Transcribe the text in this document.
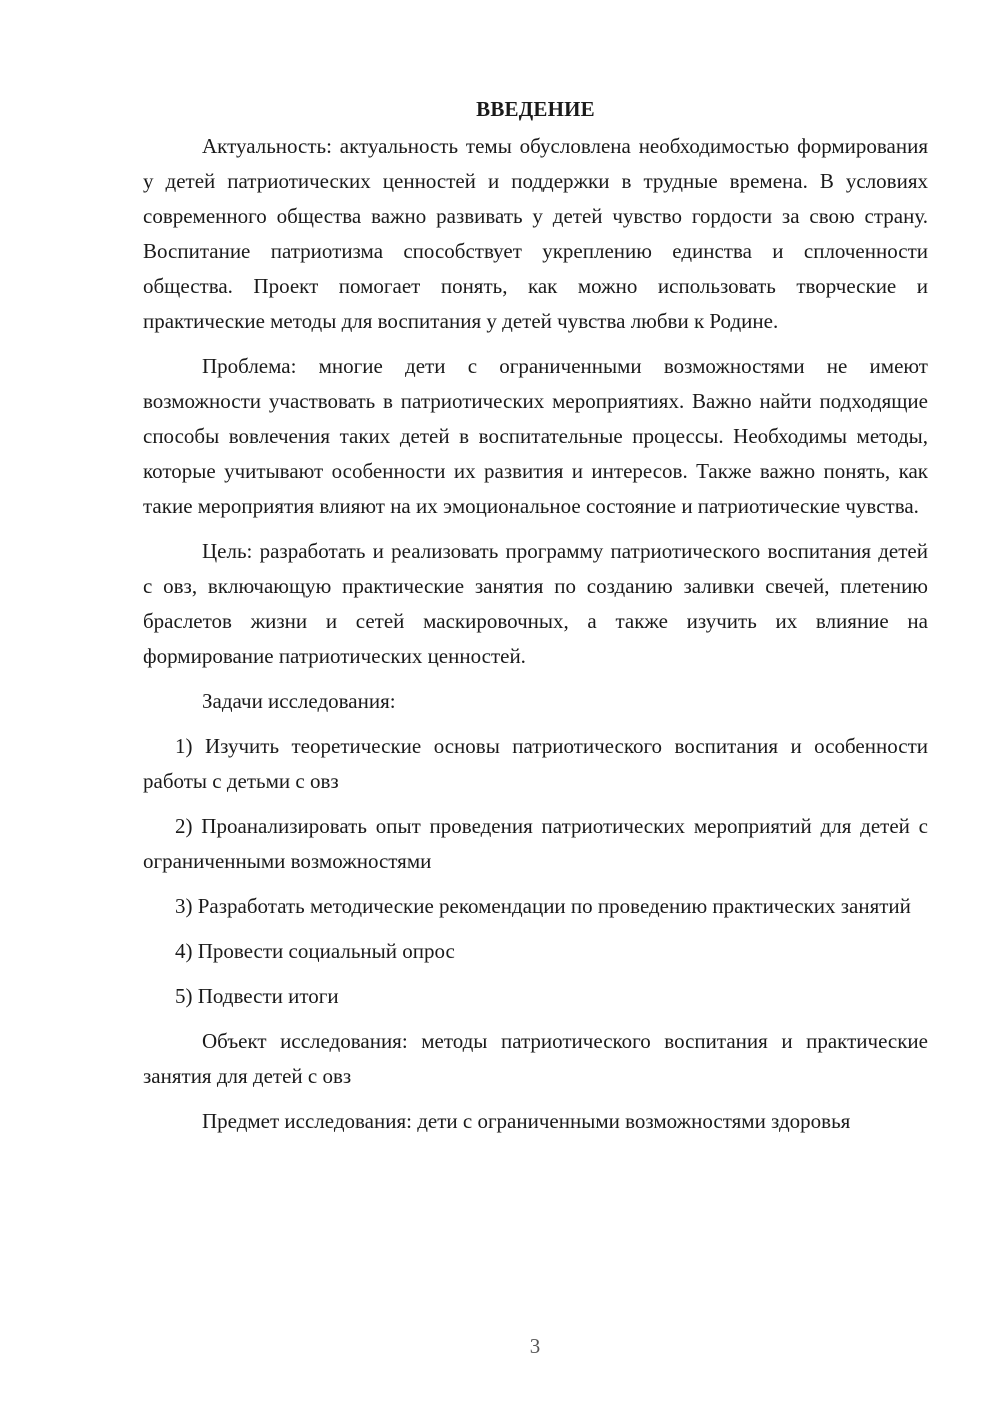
ВВЕДЕНИЕ

Актуальность: актуальность темы обусловлена необходимостью формирования у детей патриотических ценностей и поддержки в трудные времена. В условиях современного общества важно развивать у детей чувство гордости за свою страну. Воспитание патриотизма способствует укреплению единства и сплоченности общества. Проект помогает понять, как можно использовать творческие и практические методы для воспитания у детей чувства любви к Родине.

Проблема: многие дети с ограниченными возможностями не имеют возможности участвовать в патриотических мероприятиях. Важно найти подходящие способы вовлечения таких детей в воспитательные процессы. Необходимы методы, которые учитывают особенности их развития и интересов. Также важно понять, как такие мероприятия влияют на их эмоциональное состояние и патриотические чувства.

Цель: разработать и реализовать программу патриотического воспитания детей с овз, включающую практические занятия по созданию заливки свечей, плетению браслетов жизни и сетей маскировочных, а также изучить их влияние на формирование патриотических ценностей.

Задачи исследования:

1) Изучить теоретические основы патриотического воспитания и особенности работы с детьми с овз

2) Проанализировать опыт проведения патриотических мероприятий для детей с ограниченными возможностями

3) Разработать методические рекомендации по проведению практических занятий

4) Провести социальный опрос

5) Подвести итоги

Объект исследования: методы патриотического воспитания и практические занятия для детей с овз

Предмет исследования: дети с ограниченными возможностями здоровья

3
